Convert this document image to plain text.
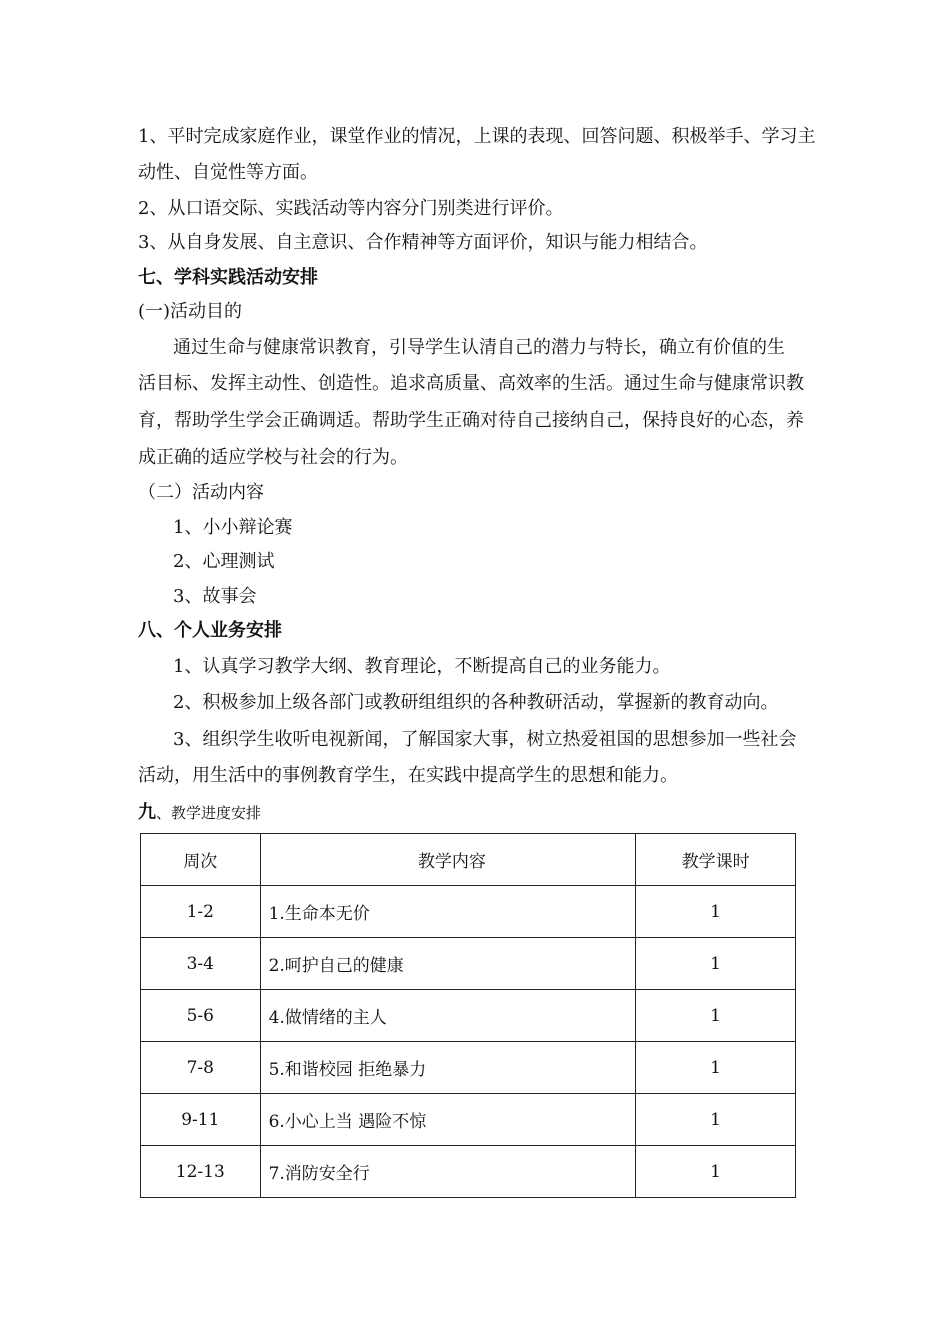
1、平时完成家庭作业，课堂作业的情况，上课的表现、回答问题、积极举手、学习主
动性、自觉性等方面。
2、从口语交际、实践活动等内容分门别类进行评价。
3、从自身发展、自主意识、合作精神等方面评价，知识与能力相结合。
七、学科实践活动安排
(一)活动目的
通过生命与健康常识教育，引导学生认清自己的潜力与特长，确立有价值的生
活目标、发挥主动性、创造性。追求高质量、高效率的生活。通过生命与健康常识教
育，帮助学生学会正确调适。帮助学生正确对待自己接纳自己，保持良好的心态，养
成正确的适应学校与社会的行为。
（二）活动内容
1、小小辩论赛
2、心理测试
3、故事会
八、个人业务安排
1、认真学习教学大纲、教育理论，不断提高自己的业务能力。
2、积极参加上级各部门或教研组组织的各种教研活动，掌握新的教育动向。
3、组织学生收听电视新闻，了解国家大事，树立热爱祖国的思想参加一些社会
活动，用生活中的事例教育学生，在实践中提高学生的思想和能力。
九、教学进度安排
周次	教学内容	教学课时
1-2	1.生命本无价	1
3-4	2.呵护自己的健康	1
5-6	4.做情绪的主人	1
7-8	5.和谐校园 拒绝暴力	1
9-11	6.小心上当 遇险不惊	1
12-13	7.消防安全行	1
